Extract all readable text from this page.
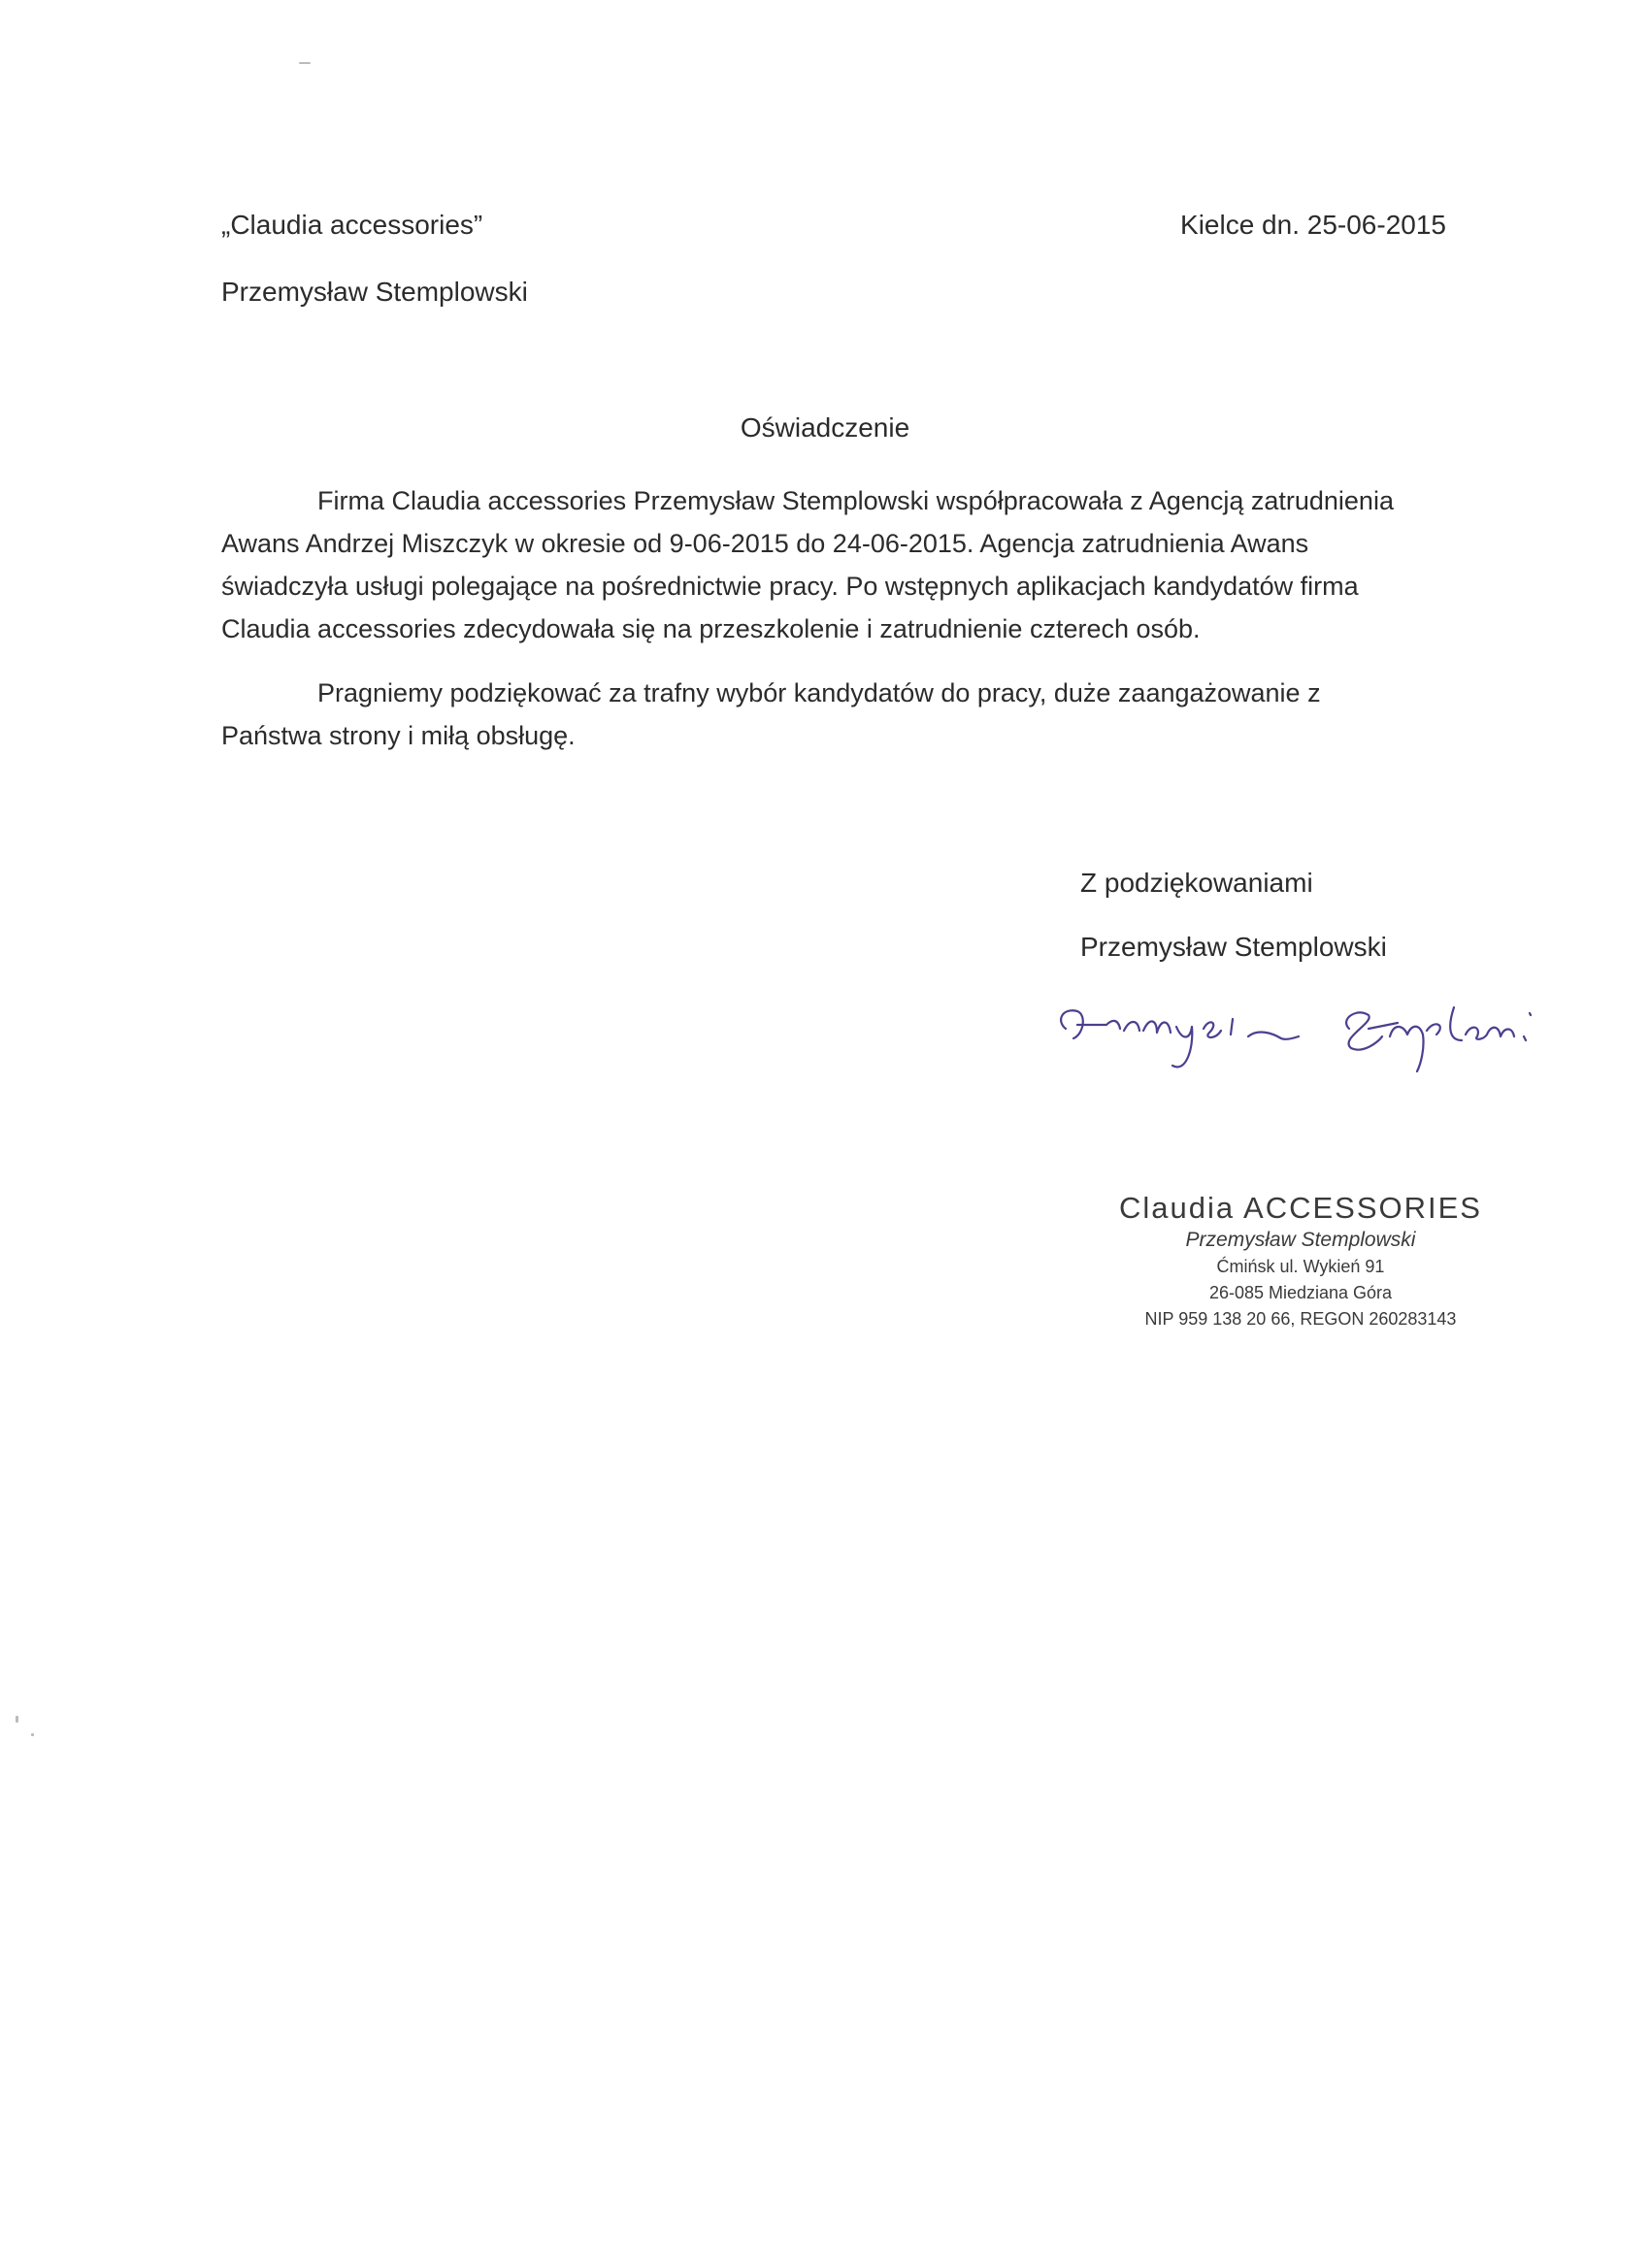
„Claudia accessories”	Kielce dn. 25-06-2015
Przemysław Stemplowski
Oświadczenie
Firma Claudia accessories Przemysław Stemplowski współpracowała z Agencją zatrudnienia Awans Andrzej Miszczyk w okresie od 9-06-2015 do 24-06-2015. Agencja zatrudnienia Awans świadczyła usługi polegające na pośrednictwie pracy. Po wstępnych aplikacjach kandydatów firma Claudia accessories zdecydowała się na przeszkolenie i zatrudnienie czterech osób.
Pragniemy podziękować za trafny wybór kandydatów do pracy, duże zaangażowanie z Państwa strony i miłą obsługę.
Z podziękowaniami
Przemysław Stemplowski
Claudia ACCESSORIES
Przemysław Stemplowski
Ćmińsk ul. Wykień 91
26-085 Miedziana Góra
NIP 959 138 20 66, REGON 260283143
